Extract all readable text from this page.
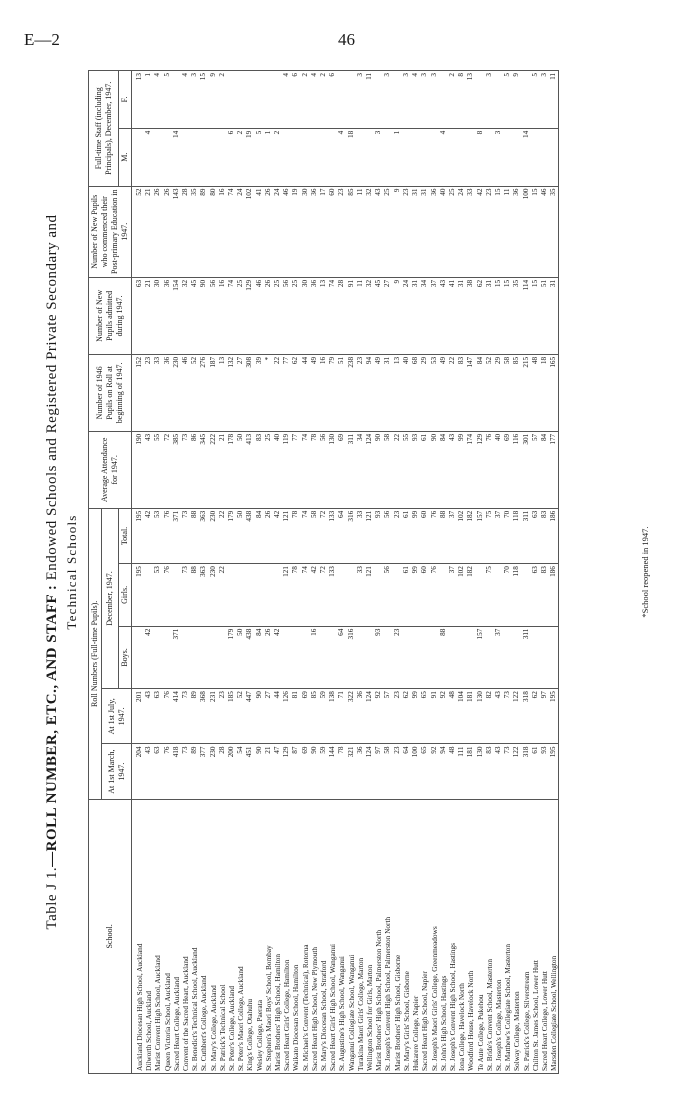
E—2	46
Table J 1.—ROLL NUMBER, ETC., AND STAFF : Endowed Schools and Registered Private Secondary and Technical Schools
School.	Roll Numbers (Full-time Pupils).					Average Attendance for 1947.	Number of 1946 Pupils on Roll at beginning of 1947.	Number of New Pupils admitted during 1947.	Number of New Pupils who commenced their Post-primary Education in 1947.	Full-time Staff (including Principals), December, 1947.	
	At 1st March, 1947.	At 1st July, 1947.	December, 1947.								
			Boys.	Girls.	Total.					M.	F.
Auckland Diocesan High School, Auckland	204	201		195	195	190	152	63	52		13
Dilworth School, Auckland	43	43	42		42	43	23	21	21	4	1
Marist Convent High School, Auckland	63	63		53	53	55	33	30	26		4
Queen Victoria School, Auckland	76	76		76	76	72	36	36	26		5
Sacred Heart College, Auckland	418	414	371		371	385	230	154	143	14	
Convent of the Sacred Heart, Auckland	73	73		73	73	73	46	32	28		4
St. Benedict's Technical School, Auckland	89	89		88	88	86	52	45	35		3
St. Cuthbert's College, Auckland	377	368		363	363	345	276	90	89		15
St. Mary's College, Auckland	230	231		230	230	222	187	56	80		9
St. Patrick's Technical School	28	23		22	22	21	13	16	16		2
St. Peter's College, Auckland	200	185	179		179	178	132	74	74	6	
St. Peter's Maori College, Auckland	54	52	50		50	50	27	25	24	2	
King's College, Otahuhu	451	447	438		438	413	308	129	102	19	
Wesley College, Paerata	90	90	84		84	83	39	46	41	5	
St. Stephen's Maori Boys' School, Bombay	21	27	26		26	25	*	26	26	1	
Marist Brothers' High School, Hamilton	47	44	42		42	40	22	25	24	2	
Sacred Heart Girls' College, Hamilton	129	126		121	121	119	77	56	46		4
Waikato Diocesan School, Hamilton	87	81		78	78	77	62	25	19		6
St. Michael's Convent (Technical), Rotorua	69	69		74	74	74	44	30	30		2
Sacred Heart High School, New Plymouth	90	85	16	42	58	78	49	36	36		4
St. Mary's Diocesan School, Stratford	59	59		72	72	56	16	13	17		2
Sacred Heart Girls' High School, Wanganui	144	138		133	133	130	79	74	60		6
St. Augustine's High School, Wanganui	78	71	64		64	69	51	28	23	4	
Wanganui Collegiate School, Wanganui	321	322	316		316	311	238	91	85	18	
Turakina Maori Girls' College, Marton	36	36		33	33	34	23	11	11		3
Wellington School for Girls, Marton	124	124		121	121	124	94	32	32		11
Marist Brothers' High School, Palmerston North	97	92	93		93	90	49	45	43	3	
St. Joseph's Convent High School, Palmerston North	58	57		56	56	58	31	27	25		3
Marist Brothers' High School, Gisborne	23	23	23		23	22	13	9	9	1	
St. Mary's Girls' School, Gisborne	64	62		61	61	55	40	24	23		3
Hukarere College, Napier	100	99		99	99	93	68	31	31		4
Sacred Heart High School, Napier	65	65		60	60	61	29	34	31		3
St. Joseph's Maori Girls' College, Greenmeadows	92	91		76	76	90	53	37	36		3
St. John's High School, Hastings	94	92	88		88	84	49	43	40	4	
St. Joseph's Convent High School, Hastings	48	48		37	37	43	22	41	25		2
Iona College, Havelock North	111	104		102	102	99	83	31	24		8
Woodford House, Havelock North	181	181		182	182	174	147	38	33		13
Te Aute College, Pukehou	130	130	157		157	129	84	62	42	8	
St. Bride's Convent School, Masterton	83	82		75	75	76	52	31	23		3
St. Joseph's College, Masterton	43	43	37		37	40	29	15	15	3	
St. Matthew's Collegiate School, Masterton	73	73		70	70	69	58	15	11		5
Solway College, Masterton	122	122		118	118	116	85	35	36		9
St. Patrick's College, Silverstream	318	318	311		311	301	215	114	100	14	
Chilton St. James School, Lower Hutt	61	62		63	63	57	48	15	15		5
Sacred Heart College, Lower Hutt	93	97		83	83	84	18	51	46		3
Marsden Collegiate School, Wellington	195	195		186	186	177	165	31	35		11
*School reopened in 1947.
